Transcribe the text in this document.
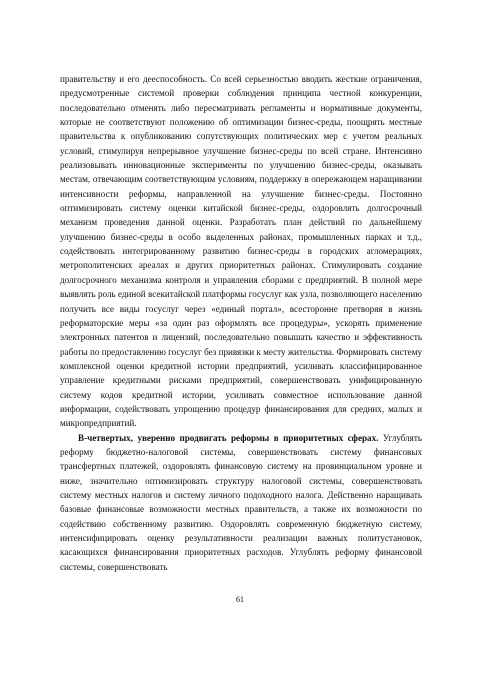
правительству и его дееспособность. Со всей серьезностью вводить жесткие ограничения, предусмотренные системой проверки соблюдения принципа честной конкуренции, последовательно отменять либо пересматривать регламенты и нормативные документы, которые не соответствуют положению об оптимизации бизнес-среды, поощрять местные правительства к опубликованию сопутствующих политических мер с учетом реальных условий, стимулируя непрерывное улучшение бизнес-среды по всей стране. Интенсивно реализовывать инновационные эксперименты по улучшению бизнес-среды, оказывать местам, отвечающим соответствующим условиям, поддержку в опережающем наращивании интенсивности реформы, направленной на улучшение бизнес-среды. Постоянно оптимизировать систему оценки китайской бизнес-среды, оздоровлять долгосрочный механизм проведения данной оценки. Разработать план действий по дальнейшему улучшению бизнес-среды в особо выделенных районах, промышленных парках и т.д., содействовать интегрированному развитию бизнес-среды в городских агломерациях, метрополитенских ареалах и других приоритетных районах. Стимулировать создание долгосрочного механизма контроля и управления сборами с предприятий. В полной мере выявлять роль единой всекитайской платформы госуслуг как узла, позволяющего населению получить все виды госуслуг через «единый портал», всесторонне претворяя в жизнь реформаторские меры «за один раз оформлять все процедуры», ускорять применение электронных патентов и лицензий, последовательно повышать качество и эффективность работы по предоставлению госуслуг без привязки к месту жительства. Формировать систему комплексной оценки кредитной истории предприятий, усиливать классифицированное управление кредитными рисками предприятий, совершенствовать унифицированную систему кодов кредитной истории, усиливать совместное использование данной информации, содействовать упрощению процедур финансирования для средних, малых и микропредприятий.

В-четвертых, уверенно продвигать реформы в приоритетных сферах. Углублять реформу бюджетно-налоговой системы, совершенствовать систему финансовых трансфертных платежей, оздоровлять финансовую систему на провинциальном уровне и ниже, значительно оптимизировать структуру налоговой системы, совершенствовать систему местных налогов и систему личного подоходного налога. Действенно наращивать базовые финансовые возможности местных правительств, а также их возможности по содействию собственному развитию. Оздоровлять современную бюджетную систему, интенсифицировать оценку результативности реализации важных политустановок, касающихся финансирования приоритетных расходов. Углублять реформу финансовой системы, совершенствовать

61
